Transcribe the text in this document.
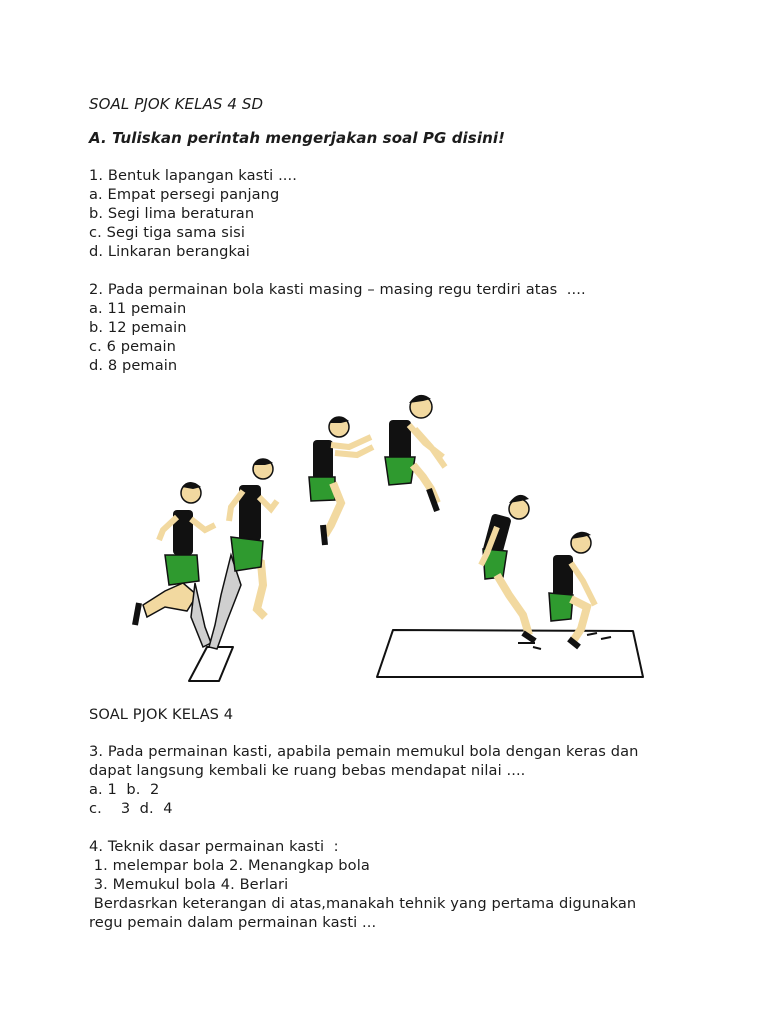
SOAL PJOK KELAS 4 SD
A. Tuliskan perintah mengerjakan soal PG disini!
1. Bentuk lapangan kasti ....
a. Empat persegi panjang
b. Segi lima beraturan
c. Segi tiga sama sisi
d. Linkaran berangkai
2. Pada permainan bola kasti masing – masing regu terdiri atas  ....
a. 11 pemain
b. 12 pemain
c. 6 pemain
d. 8 pemain
SOAL PJOK KELAS 4
3. Pada permainan kasti, apabila pemain memukul bola dengan keras dan
dapat langsung kembali ke ruang bebas mendapat nilai ....
a. 1  b.  2
c.    3  d.  4
4. Teknik dasar permainan kasti  :
1. melempar bola 2. Menangkap bola
3. Memukul bola 4. Berlari
Berdasrkan keterangan di atas,manakah tehnik yang pertama digunakan
regu pemain dalam permainan kasti ...
